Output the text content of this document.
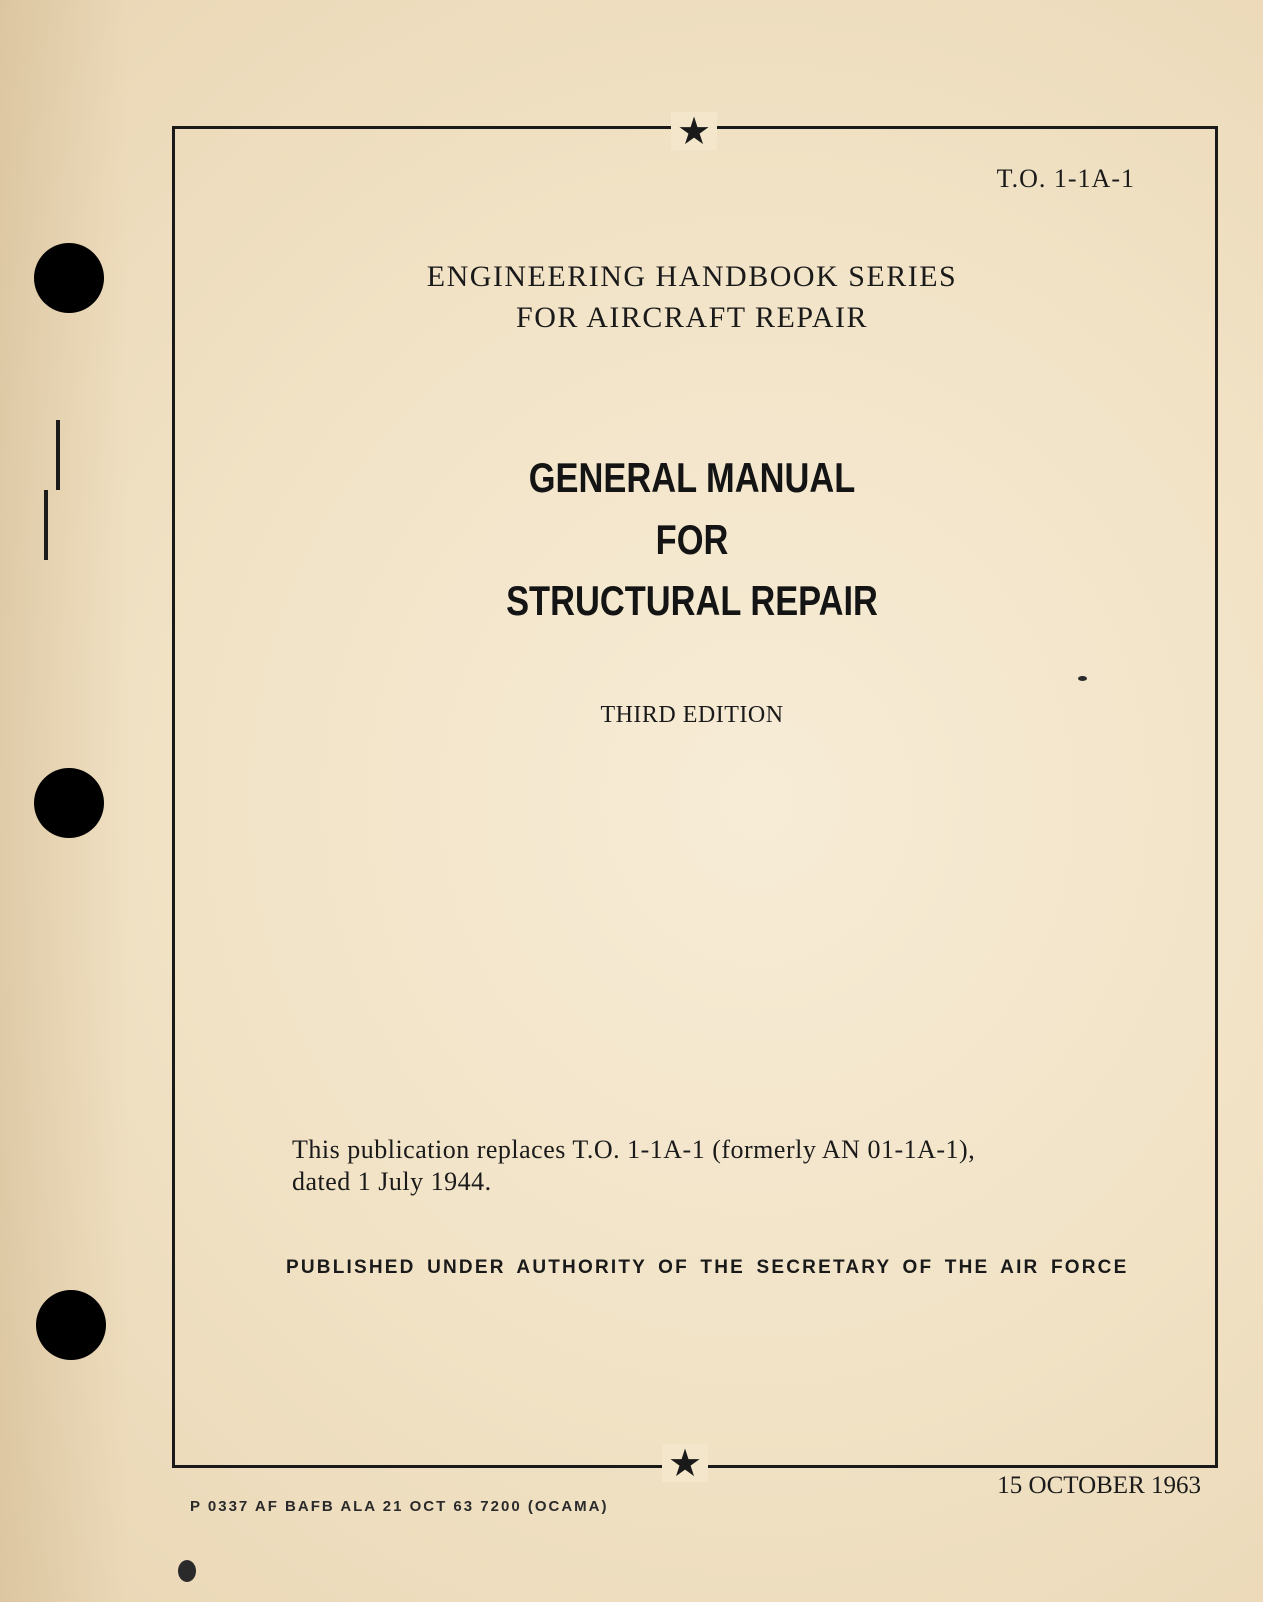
★
★
T.O. 1-1A-1
ENGINEERING HANDBOOK SERIES
FOR AIRCRAFT REPAIR
GENERAL MANUAL
FOR
STRUCTURAL REPAIR
THIRD EDITION
This publication replaces T.O. 1-1A-1 (formerly AN 01-1A-1),
dated 1 July 1944.
PUBLISHED UNDER AUTHORITY OF THE SECRETARY OF THE AIR FORCE
15 OCTOBER 1963
P 0337 AF BAFB ALA 21 OCT 63 7200 (OCAMA)
